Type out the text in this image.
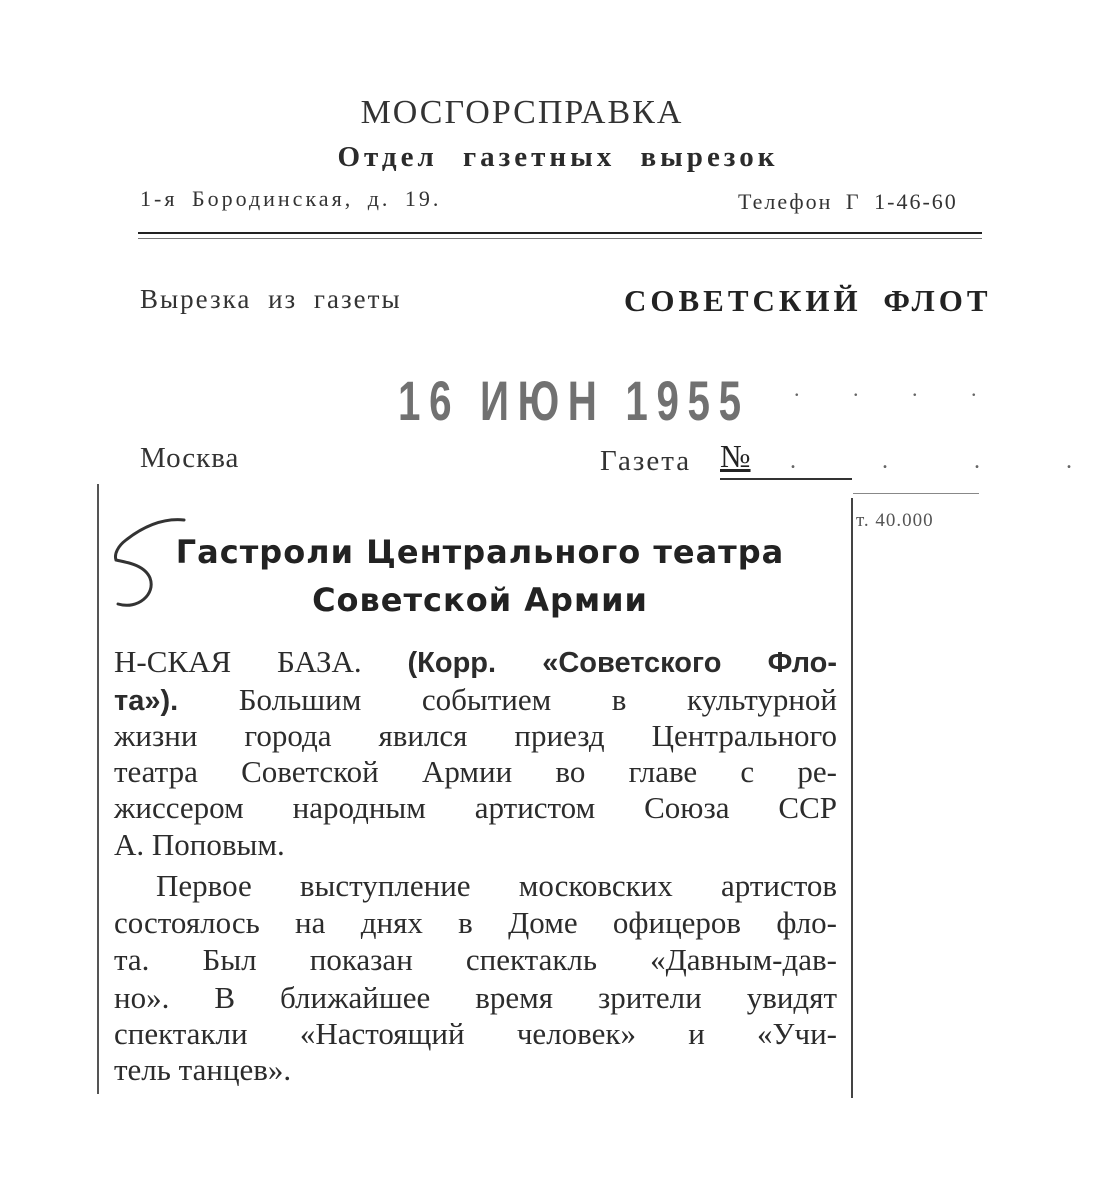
МОСГОРСПРАВКА
Отдел газетных вырезок
1-я Бородинская, д. 19.	Телефон Г 1-46-60
Вырезка из газеты	СОВЕТСКИЙ ФЛОТ
16 ИЮН 1955 . . . .
Москва	Газета № . . . .
т. 40.000
Гастроли Центрального театра Советской Армии
Н-СКАЯ БАЗА. (Корр. «Советского Фло-
та»). Большим событием в культурной
жизни города явился приезд Центрального
театра Советской Армии во главе с ре-
жиссером народным артистом Союза ССР
А. Поповым.
Первое выступление московских артистов
состоялось на днях в Доме офицеров фло-
та. Был показан спектакль «Давным-дав-
но». В ближайшее время зрители увидят
спектакли «Настоящий человек» и «Учи-
тель танцев».
